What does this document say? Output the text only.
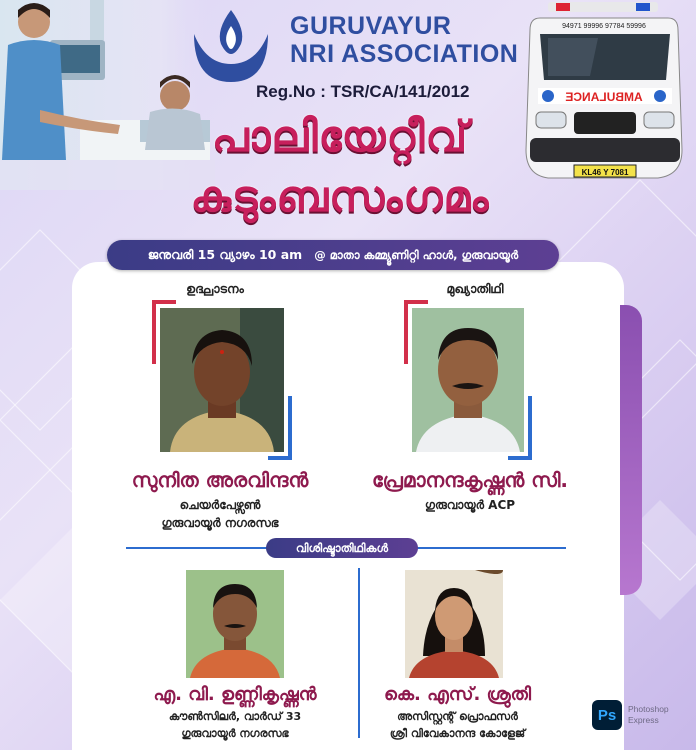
94971 99996 97784 59996
AMBULANCE
KL46 Y 7081
GURUVAYUR
NRI ASSOCIATION
Reg.No : TSR/CA/141/2012
പാലിയേറ്റീവ്
കുടുംബസംഗമം
ജനുവരി 15 വ്യാഴം 10 am @ മാതാ കമ്മ്യൂണിറ്റി ഹാൾ, ഗുരുവായൂർ
ഉദ്ഘാടനം
സുനിത അരവിന്ദൻ
ചെയർപേഴ്സൺ
ഗുരുവായൂർ നഗരസഭ
മുഖ്യാതിഥി
പ്രേമാനന്ദകൃഷ്ണൻ സി.
ഗുരുവായൂർ ACP
വിശിഷ്ടാതിഥികൾ
എ. വി. ഉണ്ണികൃഷ്ണൻ
കൗൺസിലർ, വാർഡ് 33
ഗുരുവായൂർ നഗരസഭ
കെ. എസ്. ശ്രുതി
അസിസ്റ്റന്റ് പ്രൊഫസർ
ശ്രീ വിവേകാനന്ദ കോളേജ്
Ps	Photoshop
Express
